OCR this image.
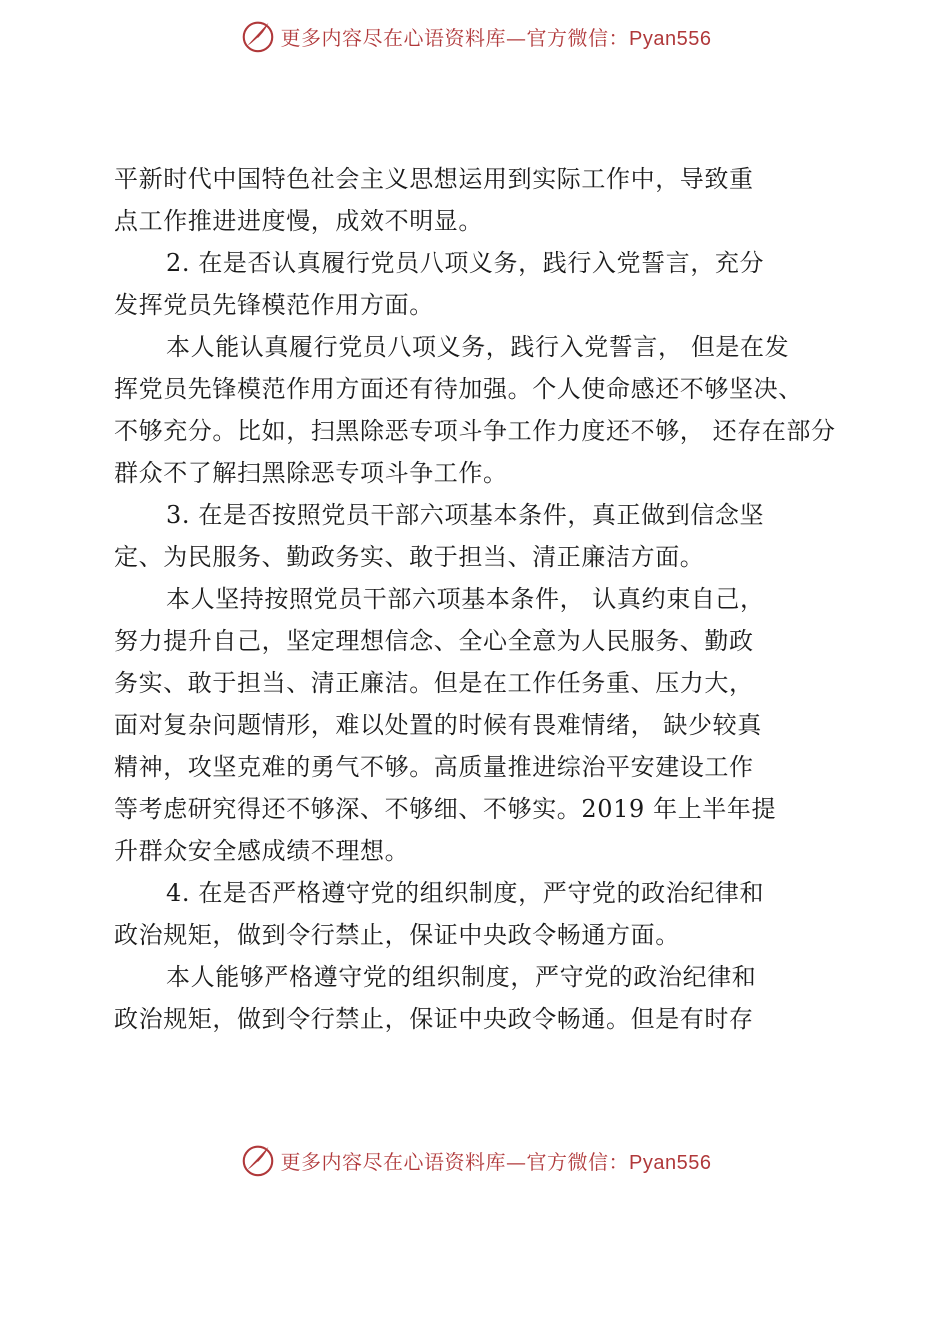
更多内容尽在心语资料库—官方微信：Pyan556
平新时代中国特色社会主义思想运用到实际工作中，导致重
点工作推进进度慢，成效不明显。
2. 在是否认真履行党员八项义务，践行入党誓言，充分
发挥党员先锋模范作用方面。
本人能认真履行党员八项义务，践行入党誓言， 但是在发
挥党员先锋模范作用方面还有待加强。个人使命感还不够坚决、
不够充分。比如，扫黑除恶专项斗争工作力度还不够， 还存在部分
群众不了解扫黑除恶专项斗争工作。
3. 在是否按照党员干部六项基本条件，真正做到信念坚
定、为民服务、勤政务实、敢于担当、清正廉洁方面。
本人坚持按照党员干部六项基本条件， 认真约束自己，
努力提升自己，坚定理想信念、全心全意为人民服务、勤政
务实、敢于担当、清正廉洁。但是在工作任务重、压力大，
面对复杂问题情形，难以处置的时候有畏难情绪， 缺少较真
精神，攻坚克难的勇气不够。高质量推进综治平安建设工作
等考虑研究得还不够深、不够细、不够实。2019 年上半年提
升群众安全感成绩不理想。
4. 在是否严格遵守党的组织制度，严守党的政治纪律和
政治规矩，做到令行禁止，保证中央政令畅通方面。
本人能够严格遵守党的组织制度，严守党的政治纪律和
政治规矩，做到令行禁止，保证中央政令畅通。但是有时存
更多内容尽在心语资料库—官方微信：Pyan556
